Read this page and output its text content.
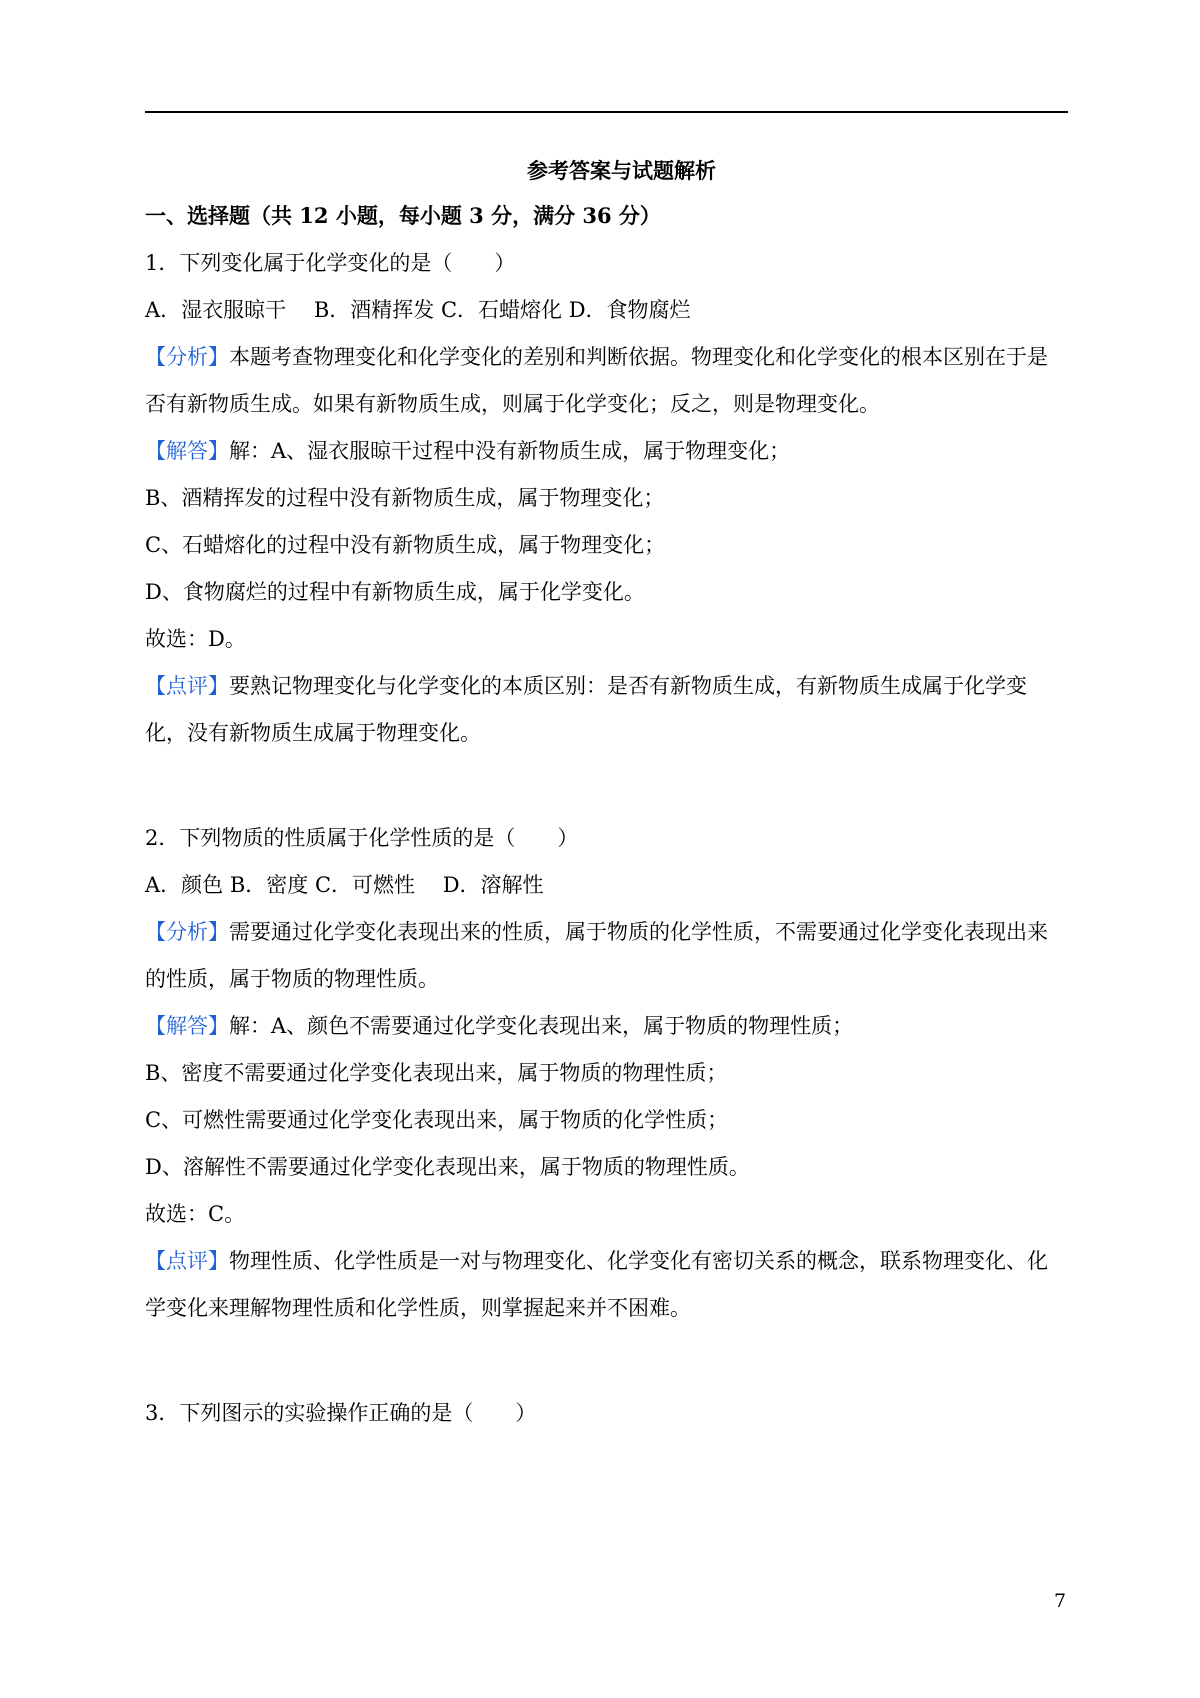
参考答案与试题解析
一、选择题（共 12 小题，每小题 3 分，满分 36 分）
1．下列变化属于化学变化的是（　　）
A．湿衣服晾干　 B．酒精挥发 C．石蜡熔化 D．食物腐烂
【分析】本题考查物理变化和化学变化的差别和判断依据。物理变化和化学变化的根本区别在于是否有新物质生成。如果有新物质生成，则属于化学变化；反之，则是物理变化。
【解答】解：A、湿衣服晾干过程中没有新物质生成，属于物理变化；
B、酒精挥发的过程中没有新物质生成，属于物理变化；
C、石蜡熔化的过程中没有新物质生成，属于物理变化；
D、食物腐烂的过程中有新物质生成，属于化学变化。
故选：D。
【点评】要熟记物理变化与化学变化的本质区别：是否有新物质生成，有新物质生成属于化学变化，没有新物质生成属于物理变化。
2．下列物质的性质属于化学性质的是（　　）
A．颜色 B．密度 C．可燃性　 D．溶解性
【分析】需要通过化学变化表现出来的性质，属于物质的化学性质，不需要通过化学变化表现出来的性质，属于物质的物理性质。
【解答】解：A、颜色不需要通过化学变化表现出来，属于物质的物理性质；
B、密度不需要通过化学变化表现出来，属于物质的物理性质；
C、可燃性需要通过化学变化表现出来，属于物质的化学性质；
D、溶解性不需要通过化学变化表现出来，属于物质的物理性质。
故选：C。
【点评】物理性质、化学性质是一对与物理变化、化学变化有密切关系的概念，联系物理变化、化学变化来理解物理性质和化学性质，则掌握起来并不困难。
3．下列图示的实验操作正确的是（　　）
7
